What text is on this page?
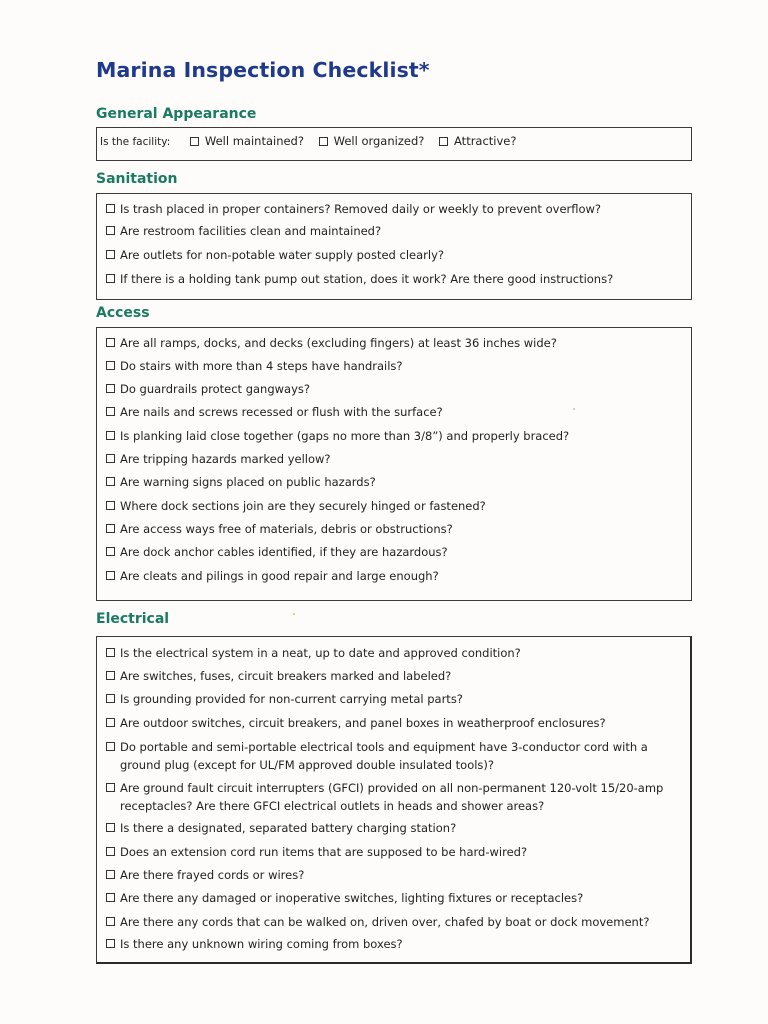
Marina Inspection Checklist*
General Appearance
Is the facility:	Well maintained?	Well organized?	Attractive?
Sanitation
Is trash placed in proper containers? Removed daily or weekly to prevent overflow?
Are restroom facilities clean and maintained?
Are outlets for non-potable water supply posted clearly?
If there is a holding tank pump out station, does it work? Are there good instructions?
Access
Are all ramps, docks, and decks (excluding fingers) at least 36 inches wide?
Do stairs with more than 4 steps have handrails?
Do guardrails protect gangways?
Are nails and screws recessed or flush with the surface?
Is planking laid close together (gaps no more than 3/8”) and properly braced?
Are tripping hazards marked yellow?
Are warning signs placed on public hazards?
Where dock sections join are they securely hinged or fastened?
Are access ways free of materials, debris or obstructions?
Are dock anchor cables identified, if they are hazardous?
Are cleats and pilings in good repair and large enough?
Electrical
Is the electrical system in a neat, up to date and approved condition?
Are switches, fuses, circuit breakers marked and labeled?
Is grounding provided for non-current carrying metal parts?
Are outdoor switches, circuit breakers, and panel boxes in weatherproof enclosures?
Do portable and semi-portable electrical tools and equipment have 3-conductor cord with a ground plug (except for UL/FM approved double insulated tools)?
Are ground fault circuit interrupters (GFCI) provided on all non-permanent 120-volt 15/20-amp receptacles? Are there GFCI electrical outlets in heads and shower areas?
Is there a designated, separated battery charging station?
Does an extension cord run items that are supposed to be hard-wired?
Are there frayed cords or wires?
Are there any damaged or inoperative switches, lighting fixtures or receptacles?
Are there any cords that can be walked on, driven over, chafed by boat or dock movement?
Is there any unknown wiring coming from boxes?
